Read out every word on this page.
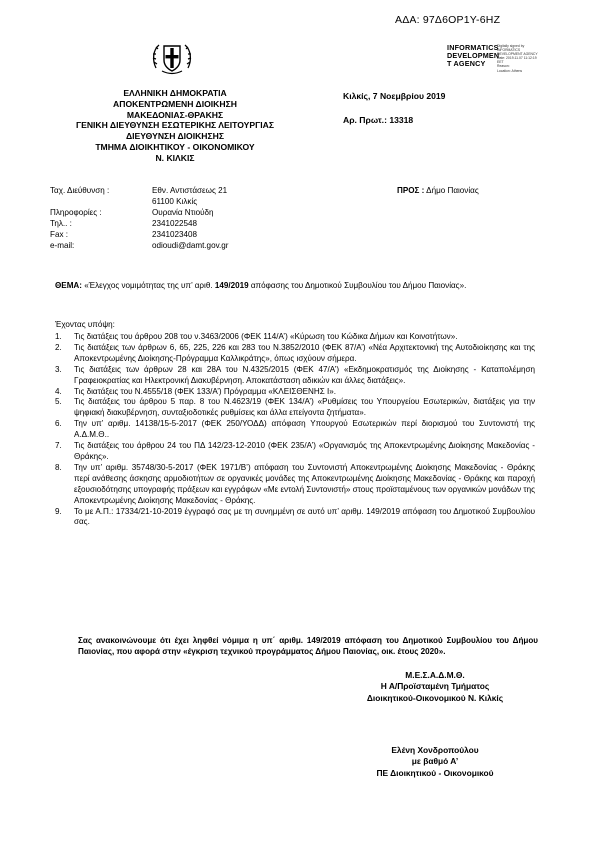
ΑΔΑ: 97Δ6ΟΡ1Υ-6ΗΖ
INFORMATICS
DEVELOPMEN
T AGENCY
Digitally signed by
INFORMATICS
DEVELOPMENT AGENCY
Date: 2019.11.07 11:12:19
EET
Reason:
Location: Athens
ΕΛΛΗΝΙΚΗ ΔΗΜΟΚΡΑΤΙΑ
ΑΠΟΚΕΝΤΡΩΜΕΝΗ ΔΙΟΙΚΗΣΗ
ΜΑΚΕΔΟΝΙΑΣ-ΘΡΑΚΗΣ
ΓΕΝΙΚΗ ΔΙΕΥΘΥΝΣΗ ΕΣΩΤΕΡΙΚΗΣ ΛΕΙΤΟΥΡΓΙΑΣ
ΔΙΕΥΘΥΝΣΗ ΔΙΟΙΚΗΣΗΣ
ΤΜΗΜΑ ΔΙΟΙΚΗΤΙΚΟΥ - ΟΙΚΟΝΟΜΙΚΟΥ
Ν. ΚΙΛΚΙΣ
Κιλκίς, 7 Νοεμβρίου 2019
Αρ. Πρωτ.: 13318
Ταχ. Διεύθυνση :	Εθν. Αντιστάσεως 21
61100 Κιλκίς
Πληροφορίες :	Ουρανία Ντιούδη
Τηλ.. :	2341022548
Fax :	2341023408
e-mail:	odioudi@damt.gov.gr
ΠΡΟΣ : Δήμο Παιονίας
ΘΕΜΑ: «Έλεγχος νομιμότητας της υπ’ αριθ. 149/2019 απόφασης του Δημοτικού Συμβουλίου του Δήμου Παιονίας».
Έχοντας υπόψη:
1.	Τις διατάξεις του άρθρου 208 του ν.3463/2006 (ΦΕΚ 114/Α’) «Κύρωση του Κώδικα Δήμων και Κοινοτήτων».
2.	Τις διατάξεις των άρθρων 6, 65, 225, 226 και 283 του Ν.3852/2010 (ΦΕΚ 87/Α’) «Νέα Αρχιτεκτονική της Αυτοδιοίκησης και της Αποκεντρωμένης Διοίκησης-Πρόγραμμα Καλλικράτης», όπως ισχύουν σήμερα.
3.	Τις διατάξεις των άρθρων 28 και 28Α του Ν.4325/2015 (ΦΕΚ 47/Α’) «Εκδημοκρατισμός της Διοίκησης - Καταπολέμηση Γραφειοκρατίας και Ηλεκτρονική Διακυβέρνηση. Αποκατάσταση αδικιών και άλλες διατάξεις».
4.	Τις διατάξεις του Ν.4555/18 (ΦΕΚ 133/Α’) Πρόγραμμα «ΚΛΕΙΣΘΕΝΗΣ Ι».
5.	Τις διατάξεις του άρθρου 5 παρ. 8 του Ν.4623/19 (ΦΕΚ 134/Α’) «Ρυθμίσεις του Υπουργείου Εσωτερικών, διατάξεις για την ψηφιακή διακυβέρνηση, συνταξιοδοτικές ρυθμίσεις και άλλα επείγοντα ζητήματα».
6.	Την υπ’ αριθμ. 14138/15-5-2017 (ΦΕΚ 250/ΥΟΔΔ) απόφαση Υπουργού Εσωτερικών περί διορισμού του Συντονιστή της Α.Δ.Μ.Θ..
7.	Τις διατάξεις του άρθρου 24 του ΠΔ 142/23-12-2010 (ΦΕΚ 235/Α’) «Οργανισμός της Αποκεντρωμένης Διοίκησης Μακεδονίας - Θράκης».
8.	Την υπ’ αριθμ. 35748/30-5-2017 (ΦΕΚ 1971/Β’) απόφαση του Συντονιστή Αποκεντρωμένης Διοίκησης Μακεδονίας - Θράκης περί ανάθεσης άσκησης αρμοδιοτήτων σε οργανικές μονάδες της Αποκεντρωμένης Διοίκησης Μακεδονίας - Θράκης και παροχή εξουσιοδότησης υπογραφής πράξεων και εγγράφων «Με εντολή Συντονιστή» στους προϊσταμένους των οργανικών μονάδων της Αποκεντρωμένης Διοίκησης Μακεδονίας - Θράκης.
9.	Το με Α.Π.: 17334/21-10-2019 έγγραφό σας με τη συνημμένη σε αυτό υπ’ αριθμ. 149/2019 απόφαση του Δημοτικού Συμβουλίου σας.
Σας ανακοινώνουμε ότι έχει ληφθεί νόμιμα η υπ΄ αριθμ. 149/2019 απόφαση του Δημοτικού Συμβουλίου του Δήμου Παιονίας, που αφορά στην «έγκριση τεχνικού προγράμματος Δήμου Παιονίας, οικ. έτους 2020».
Μ.Ε.Σ.Α.Δ.Μ.Θ.
Η Α/Προϊσταμένη Τμήματος
Διοικητικού-Οικονομικού Ν. Κιλκίς
Ελένη Χονδροπούλου
με βαθμό Α’
ΠΕ Διοικητικού - Οικονομικού
